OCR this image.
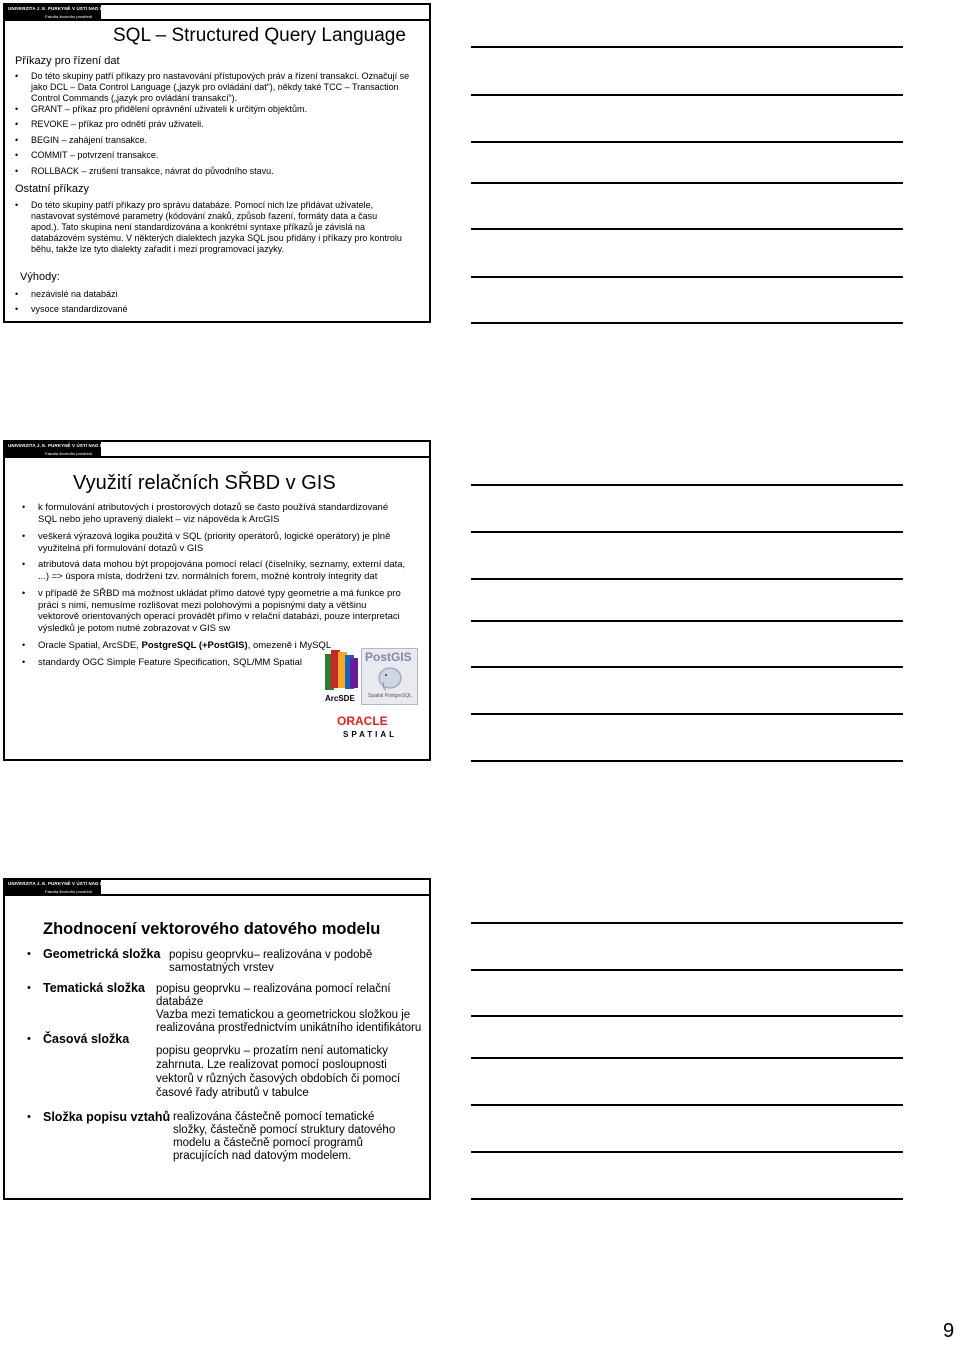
UNIVERZITA J. E. PURKYNĚ V ÚSTÍ NAD LABEM
Fakulta životního prostředí
SQL – Structured Query Language
Příkazy pro řízení dat
• Do této skupiny patří příkazy pro nastavování přístupových práv a řízení transakcí. Označují se jako DCL – Data Control Language („jazyk pro ovládání dat“), někdy také TCC – Transaction Control Commands („jazyk pro ovládání transakcí“).
• GRANT – příkaz pro přidělení oprávnění uživateli k určitým objektům.
• REVOKE – příkaz pro odnětí práv uživateli.
• BEGIN – zahájení transakce.
• COMMIT – potvrzení transakce.
• ROLLBACK – zrušení transakce, návrat do původního stavu.
Ostatní příkazy
• Do této skupiny patří příkazy pro správu databáze. Pomocí nich lze přidávat uživatele, nastavovat systémové parametry (kódování znaků, způsob řazení, formáty data a času apod.). Tato skupina není standardizována a konkrétní syntaxe příkazů je závislá na databázovém systému. V některých dialektech jazyka SQL jsou přidány i příkazy pro kontrolu běhu, takže lze tyto dialekty zařadit i mezi programovací jazyky.
Výhody:
• nezávislé na databázi
• vysoce standardizované
UNIVERZITA J. E. PURKYNĚ V ÚSTÍ NAD LABEM
Fakulta životního prostředí
Využití relačních SŘBD v GIS
• k formulování atributových i prostorových dotazů se často používá standardizované SQL nebo jeho upravený dialekt – viz nápověda k ArcGIS
• veškerá výrazová logika použitá v SQL (priority operátorů, logické operátory) je plně využitelná při formulování dotazů v GIS
• atributová data mohou být propojována pomocí relací (číselníky, seznamy, externí data, ...) => úspora místa, dodržení tzv. normálních forem, možné kontroly integrity dat
• v případě že SŘBD má možnost ukládat přímo datové typy geometrie a má funkce pro práci s nimi, nemusíme rozlišovat mezi polohovými a popisnými daty a většinu vektorově orientovaných operací provádět přímo v relační databázi, pouze interpretaci výsledků je potom nutné zobrazovat v GIS sw
• Oracle Spatial, ArcSDE, PostgreSQL (+PostGIS), omezeně i MySQL
• standardy OGC Simple Feature Specification, SQL/MM Spatial
ArcSDE
PostGIS
Spatial PostgreSQL
ORACLE
SPATIAL
UNIVERZITA J. E. PURKYNĚ V ÚSTÍ NAD LABEM
Fakulta životního prostředí
Zhodnocení vektorového datového modelu
• Geometrická složka popisu geoprvku– realizována v podobě samostatných vrstev
• Tematická složka popisu geoprvku – realizována pomocí relační databáze
Vazba mezi tematickou a geometrickou složkou je realizována prostřednictvím unikátního identifikátoru
• Časová složka
popisu geoprvku – prozatím není automaticky zahrnuta. Lze realizovat pomocí posloupnosti vektorů v různých časových obdobích či pomocí časové řady atributů v tabulce
• Složka popisu vztahů realizována částečně pomocí tematické složky, částečně pomocí struktury datového modelu a částečně pomocí programů pracujících nad datovým modelem.
9
